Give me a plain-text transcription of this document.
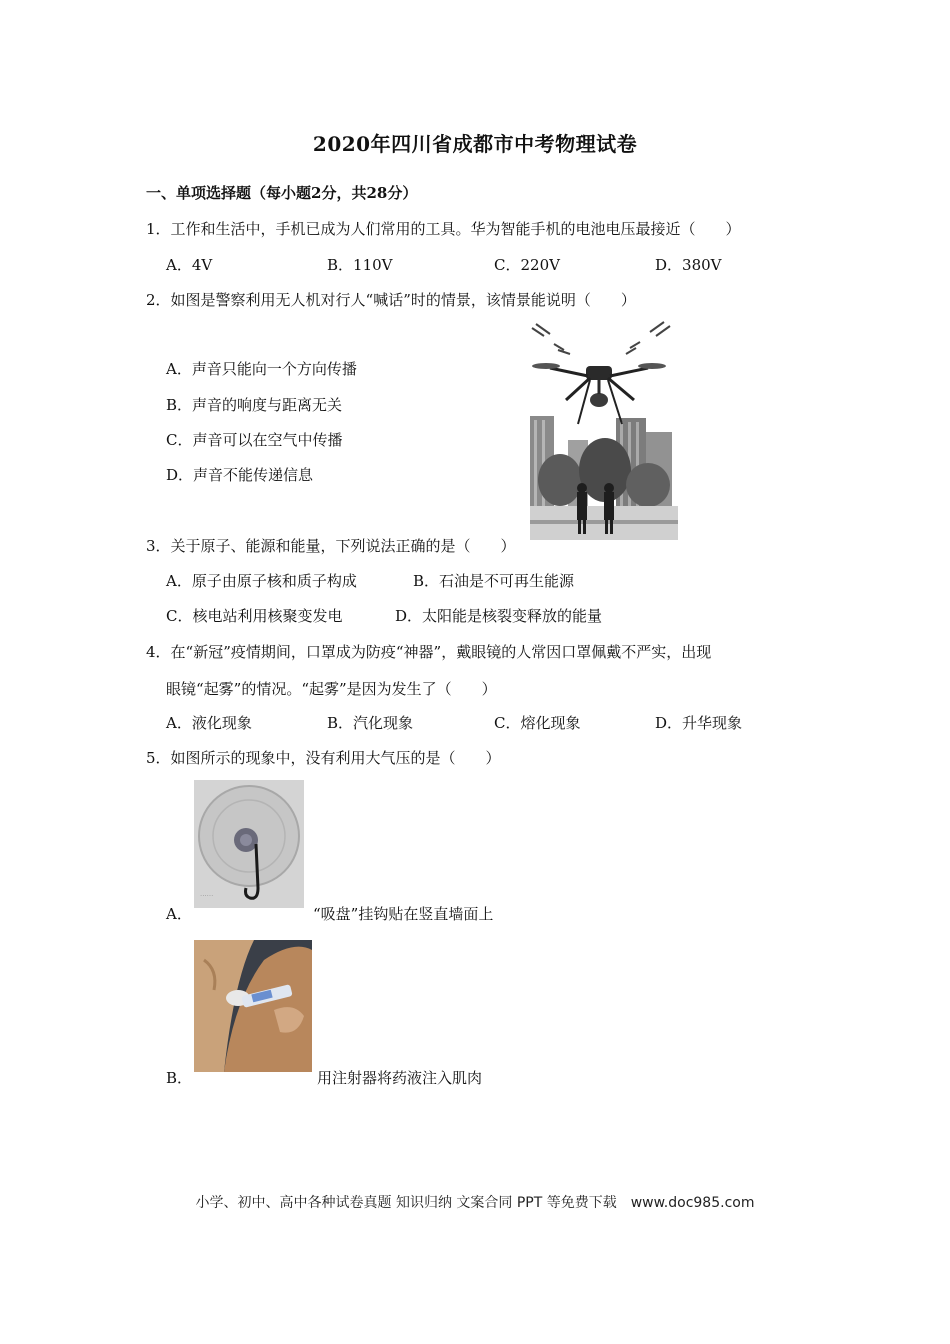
2020年四川省成都市中考物理试卷
一、单项选择题（每小题2分，共28分）
1．工作和生活中，手机已成为人们常用的工具。华为智能手机的电池电压最接近（　　）
A．4V	B．110V	C．220V	D．380V
2．如图是警察利用无人机对行人“喊话”时的情景，该情景能说明（　　）
A．声音只能向一个方向传播
B．声音的响度与距离无关
C．声音可以在空气中传播
D．声音不能传递信息
3．关于原子、能源和能量，下列说法正确的是（　　）
A．原子由原子核和质子构成	B．石油是不可再生能源
C．核电站利用核聚变发电	D．太阳能是核裂变释放的能量
4．在“新冠”疫情期间，口罩成为防疫“神器”，戴眼镜的人常因口罩佩戴不严实，出现
眼镜“起雾”的情况。“起雾”是因为发生了（　　）
A．液化现象	B．汽化现象	C．熔化现象	D．升华现象
5．如图所示的现象中，没有利用大气压的是（　　）
......
A．	“吸盘”挂钩贴在竖直墙面上
B．	用注射器将药液注入肌肉
小学、初中、高中各种试卷真题 知识归纳 文案合同 PPT 等免费下载　www.doc985.com
